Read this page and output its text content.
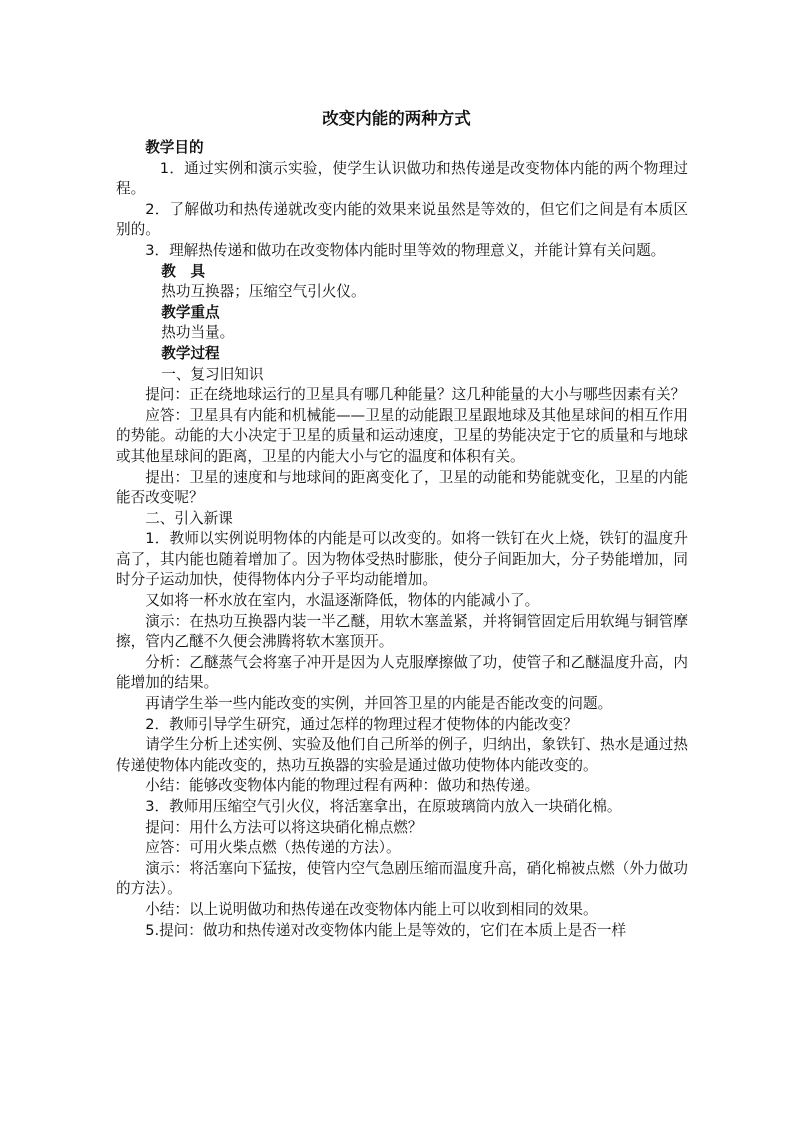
改变内能的两种方式

教学目的

1．通过实例和演示实验，使学生认识做功和热传递是改变物体内能的两个物理过程。

2．了解做功和热传递就改变内能的效果来说虽然是等效的，但它们之间是有本质区别的。

3．理解热传递和做功在改变物体内能时里等效的物理意义，并能计算有关问题。

教　具

热功互换器；压缩空气引火仪。

教学重点

热功当量。

教学过程

一、复习旧知识

提问：正在绕地球运行的卫星具有哪几种能量？这几种能量的大小与哪些因素有关？

应答：卫星具有内能和机械能——卫星的动能跟卫星跟地球及其他星球间的相互作用的势能。动能的大小决定于卫星的质量和运动速度，卫星的势能决定于它的质量和与地球或其他星球间的距离，卫星的内能大小与它的温度和体积有关。

提出：卫星的速度和与地球间的距离变化了，卫星的动能和势能就变化，卫星的内能能否改变呢？

二、引入新课

1．教师以实例说明物体的内能是可以改变的。如将一铁钉在火上烧，铁钉的温度升高了，其内能也随着增加了。因为物体受热时膨胀，使分子间距加大，分子势能增加，同时分子运动加快，使得物体内分子平均动能增加。

又如将一杯水放在室内，水温逐渐降低，物体的内能减小了。

演示：在热功互换器内装一半乙醚，用软木塞盖紧，并将铜管固定后用软绳与铜管摩擦，管内乙醚不久便会沸腾将软木塞顶开。

分析：乙醚蒸气会将塞子冲开是因为人克服摩擦做了功，使管子和乙醚温度升高，内能增加的结果。

再请学生举一些内能改变的实例，并回答卫星的内能是否能改变的问题。

2．教师引导学生研究，通过怎样的物理过程才使物体的内能改变？

请学生分析上述实例、实验及他们自己所举的例子，归纳出，象铁钉、热水是通过热传递使物体内能改变的，热功互换器的实验是通过做功使物体内能改变的。

小结：能够改变物体内能的物理过程有两种：做功和热传递。

3．教师用压缩空气引火仪，将活塞拿出，在原玻璃筒内放入一块硝化棉。

提问：用什么方法可以将这块硝化棉点燃？

应答：可用火柴点燃（热传递的方法）。

演示：将活塞向下猛按，使管内空气急剧压缩而温度升高，硝化棉被点燃（外力做功的方法）。

小结：以上说明做功和热传递在改变物体内能上可以收到相同的效果。

5.提问：做功和热传递对改变物体内能上是等效的，它们在本质上是否一样
